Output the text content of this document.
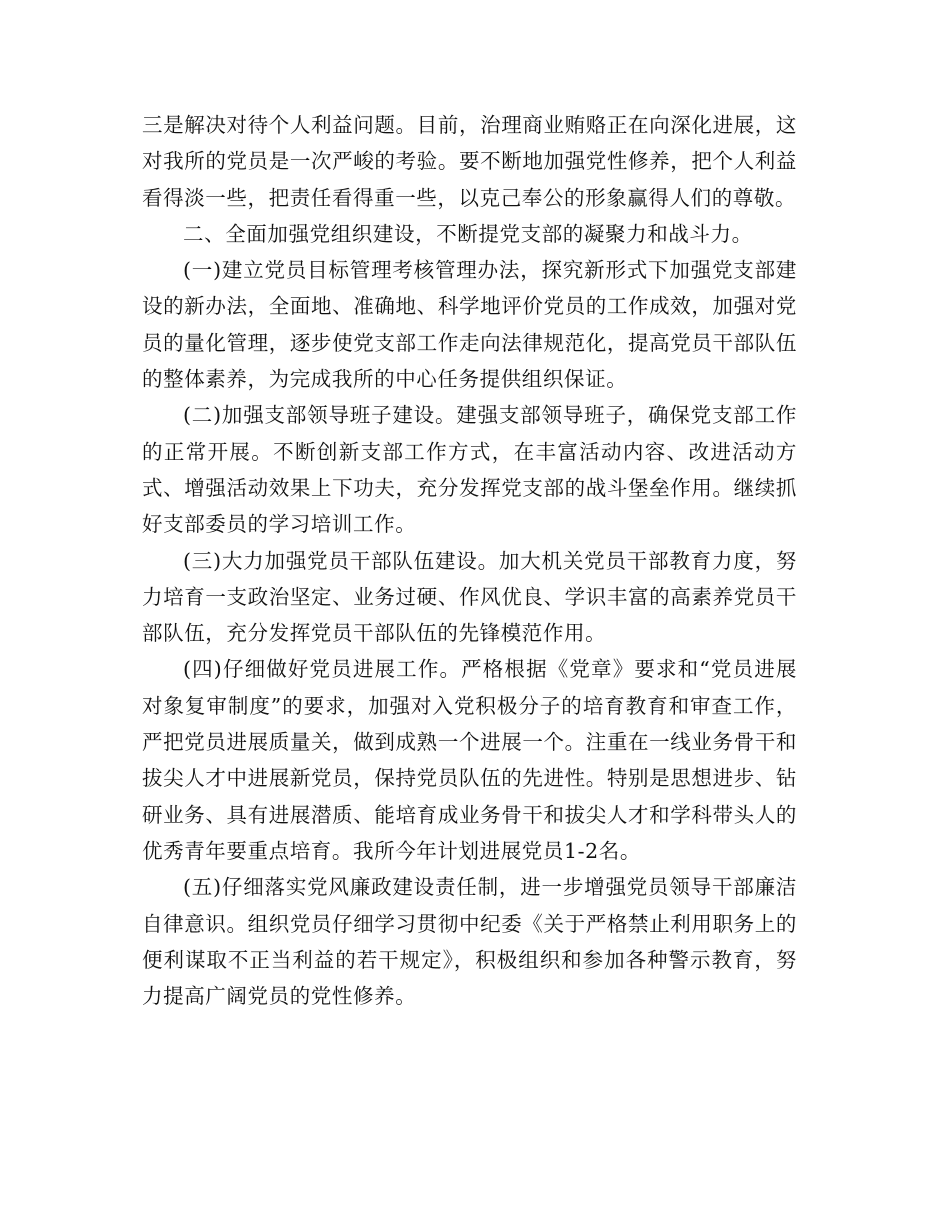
三是解决对待个人利益问题。目前，治理商业贿赂正在向深化进展，这对我所的党员是一次严峻的考验。要不断地加强党性修养，把个人利益看得淡一些，把责任看得重一些，以克己奉公的形象赢得人们的尊敬。

二、全面加强党组织建设，不断提党支部的凝聚力和战斗力。

(一)建立党员目标管理考核管理办法，探究新形式下加强党支部建设的新办法，全面地、准确地、科学地评价党员的工作成效，加强对党员的量化管理，逐步使党支部工作走向法律规范化，提高党员干部队伍的整体素养，为完成我所的中心任务提供组织保证。

(二)加强支部领导班子建设。建强支部领导班子，确保党支部工作的正常开展。不断创新支部工作方式，在丰富活动内容、改进活动方式、增强活动效果上下功夫，充分发挥党支部的战斗堡垒作用。继续抓好支部委员的学习培训工作。

(三)大力加强党员干部队伍建设。加大机关党员干部教育力度，努力培育一支政治坚定、业务过硬、作风优良、学识丰富的高素养党员干部队伍，充分发挥党员干部队伍的先锋模范作用。

(四)仔细做好党员进展工作。严格根据《党章》要求和“党员进展对象复审制度”的要求，加强对入党积极分子的培育教育和审查工作，严把党员进展质量关，做到成熟一个进展一个。注重在一线业务骨干和拔尖人才中进展新党员，保持党员队伍的先进性。特别是思想进步、钻研业务、具有进展潜质、能培育成业务骨干和拔尖人才和学科带头人的优秀青年要重点培育。我所今年计划进展党员1-2名。

(五)仔细落实党风廉政建设责任制，进一步增强党员领导干部廉洁自律意识。组织党员仔细学习贯彻中纪委《关于严格禁止利用职务上的便利谋取不正当利益的若干规定》，积极组织和参加各种警示教育，努力提高广阔党员的党性修养。
